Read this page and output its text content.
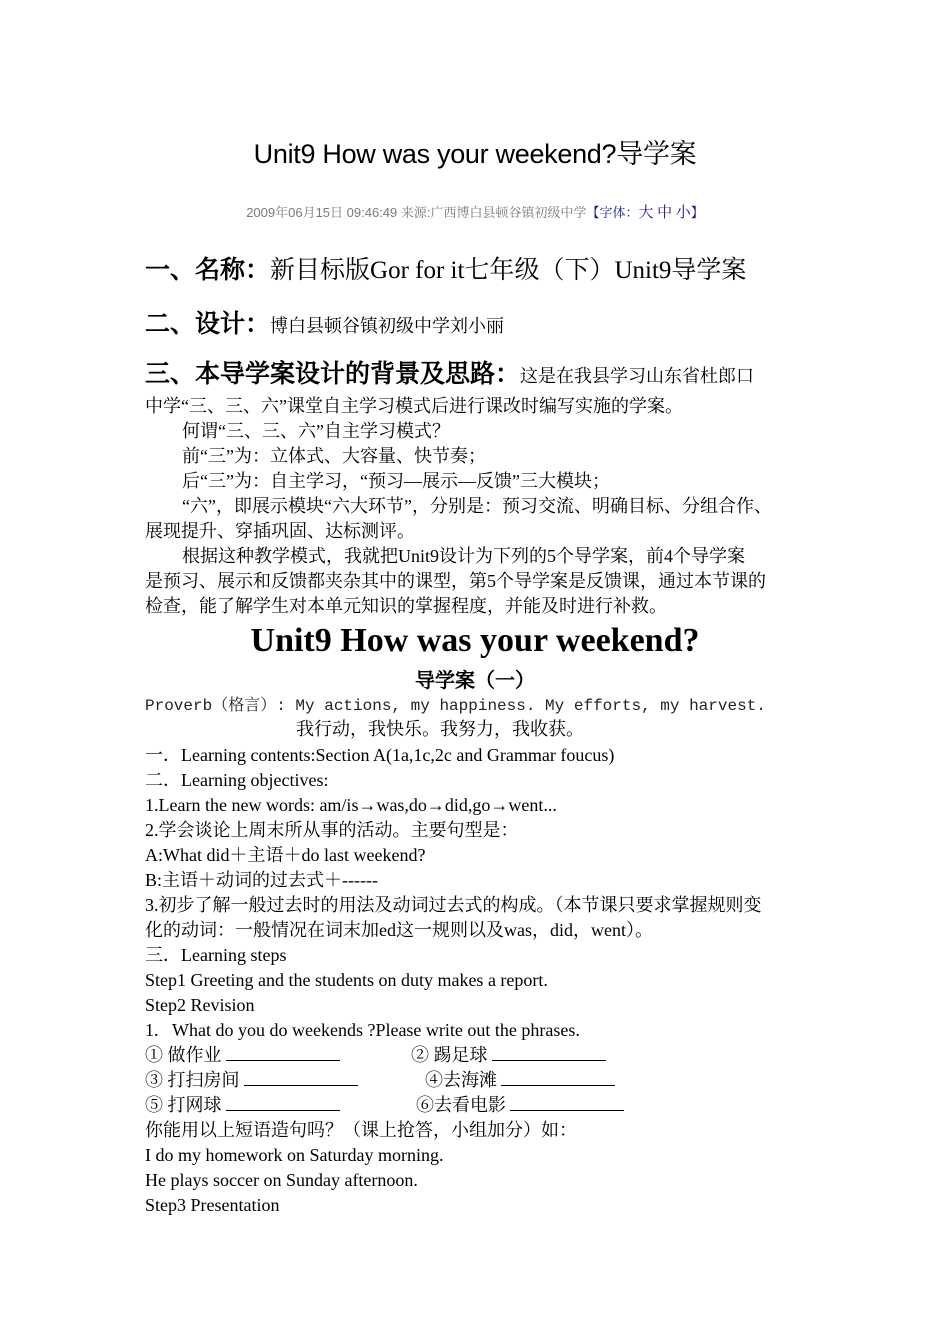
Unit9 How was your weekend?导学案
2009年06月15日 09:46:49 来源:广西博白县顿谷镇初级中学【字体：大 中 小】
一、名称：新目标版Gor for it七年级（下）Unit9导学案
二、设计：博白县顿谷镇初级中学刘小丽
三、本导学案设计的背景及思路：这是在我县学习山东省杜郎口
中学“三、三、六”课堂自主学习模式后进行课改时编写实施的学案。
何谓“三、三、六”自主学习模式？
前“三”为：立体式、大容量、快节奏；
后“三”为：自主学习，“预习—展示—反馈”三大模块；
“六”，即展示模块“六大环节”，分别是：预习交流、明确目标、分组合作、
展现提升、穿插巩固、达标测评。
根据这种教学模式，我就把Unit9设计为下列的5个导学案，前4个导学案
是预习、展示和反馈都夹杂其中的课型，第5个导学案是反馈课，通过本节课的
检查，能了解学生对本单元知识的掌握程度，并能及时进行补救。
Unit9 How was your weekend?
导学案（一）
Proverb（格言）: My actions, my happiness. My efforts, my harvest.
我行动，我快乐。我努力，我收获。
一．Learning contents:Section A(1a,1c,2c and Grammar foucus)
二．Learning objectives:
1.Learn the new words: am/is→was,do→did,go→went...
2.学会谈论上周末所从事的活动。主要句型是：
A:What did＋主语＋do last weekend?
B:主语＋动词的过去式＋------
3.初步了解一般过去时的用法及动词过去式的构成。（本节课只要求掌握规则变
化的动词：一般情况在词末加ed这一规则以及was，did，went）。
三．Learning steps
Step1 Greeting and the students on duty makes a report.
Step2 Revision
1.   What do you do weekends ?Please write out the phrases.
① 做作业	② 踢足球
③ 打扫房间	④去海滩
⑤ 打网球	⑥去看电影
你能用以上短语造句吗？（课上抢答，小组加分）如：
I do my homework on Saturday morning.
He plays soccer on Sunday afternoon.
Step3 Presentation
